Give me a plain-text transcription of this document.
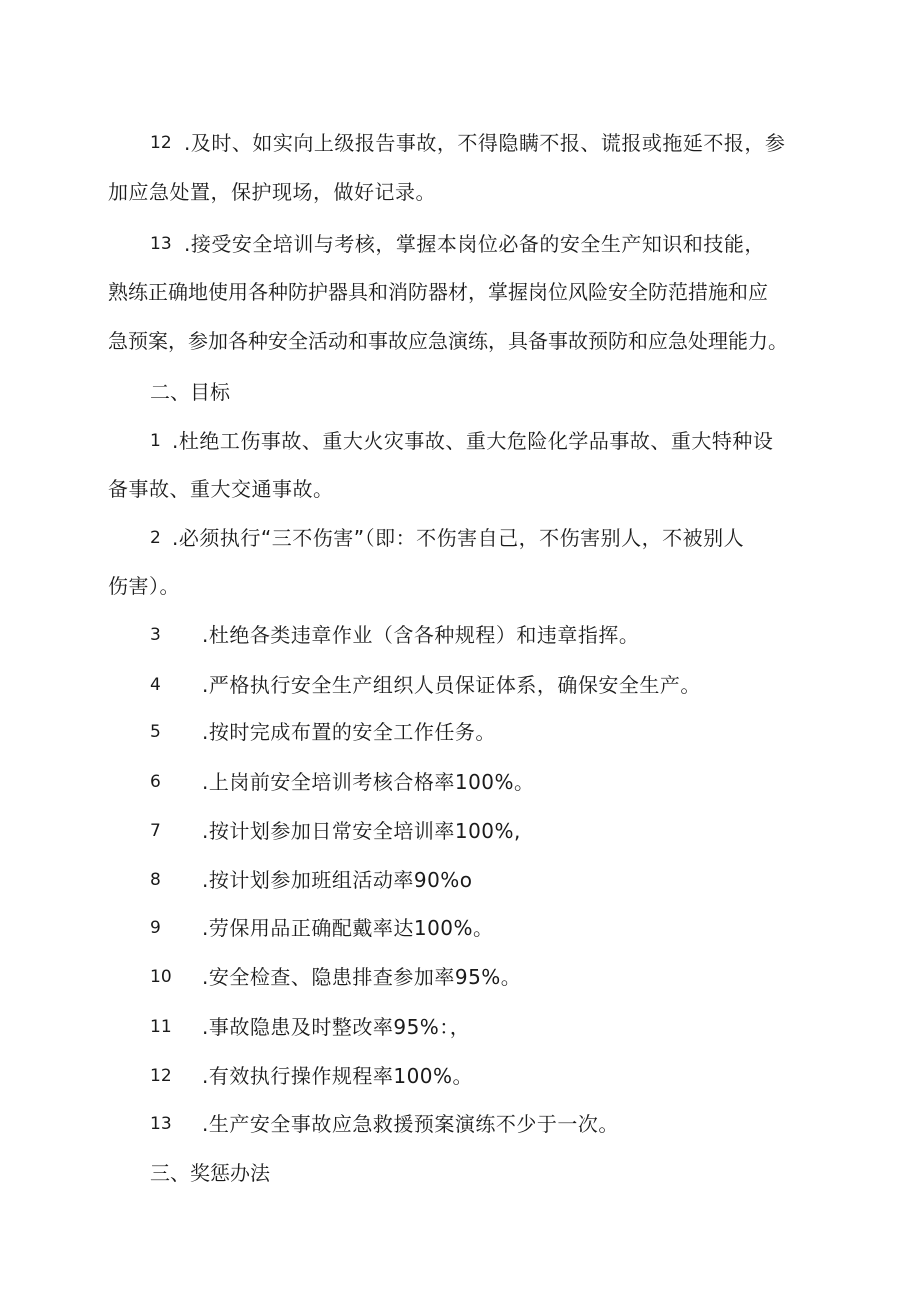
12 .及时、如实向上级报告事故，不得隐瞒不报、谎报或拖延不报，参
加应急处置，保护现场，做好记录。
13 .接受安全培训与考核，掌握本岗位必备的安全生产知识和技能，
熟练正确地使用各种防护器具和消防器材，掌握岗位风险安全防范措施和应
急预案，参加各种安全活动和事故应急演练，具备事故预防和应急处理能力。
二、目标
1 .杜绝工伤事故、重大火灾事故、重大危险化学品事故、重大特种设
备事故、重大交通事故。
2 .必须执行“三不伤害”（即：不伤害自己，不伤害别人，不被别人
伤害）。
3 .杜绝各类违章作业（含各种规程）和违章指挥。
4 .严格执行安全生产组织人员保证体系，确保安全生产。
5 .按时完成布置的安全工作任务。
6 .上岗前安全培训考核合格率100%。
7 .按计划参加日常安全培训率100%,
8 .按计划参加班组活动率90%o
9 .劳保用品正确配戴率达100%。
10 .安全检查、隐患排查参加率95%。
11 .事故隐患及时整改率95%：，
12 .有效执行操作规程率100%。
13 .生产安全事故应急救援预案演练不少于一次。
三、奖惩办法
